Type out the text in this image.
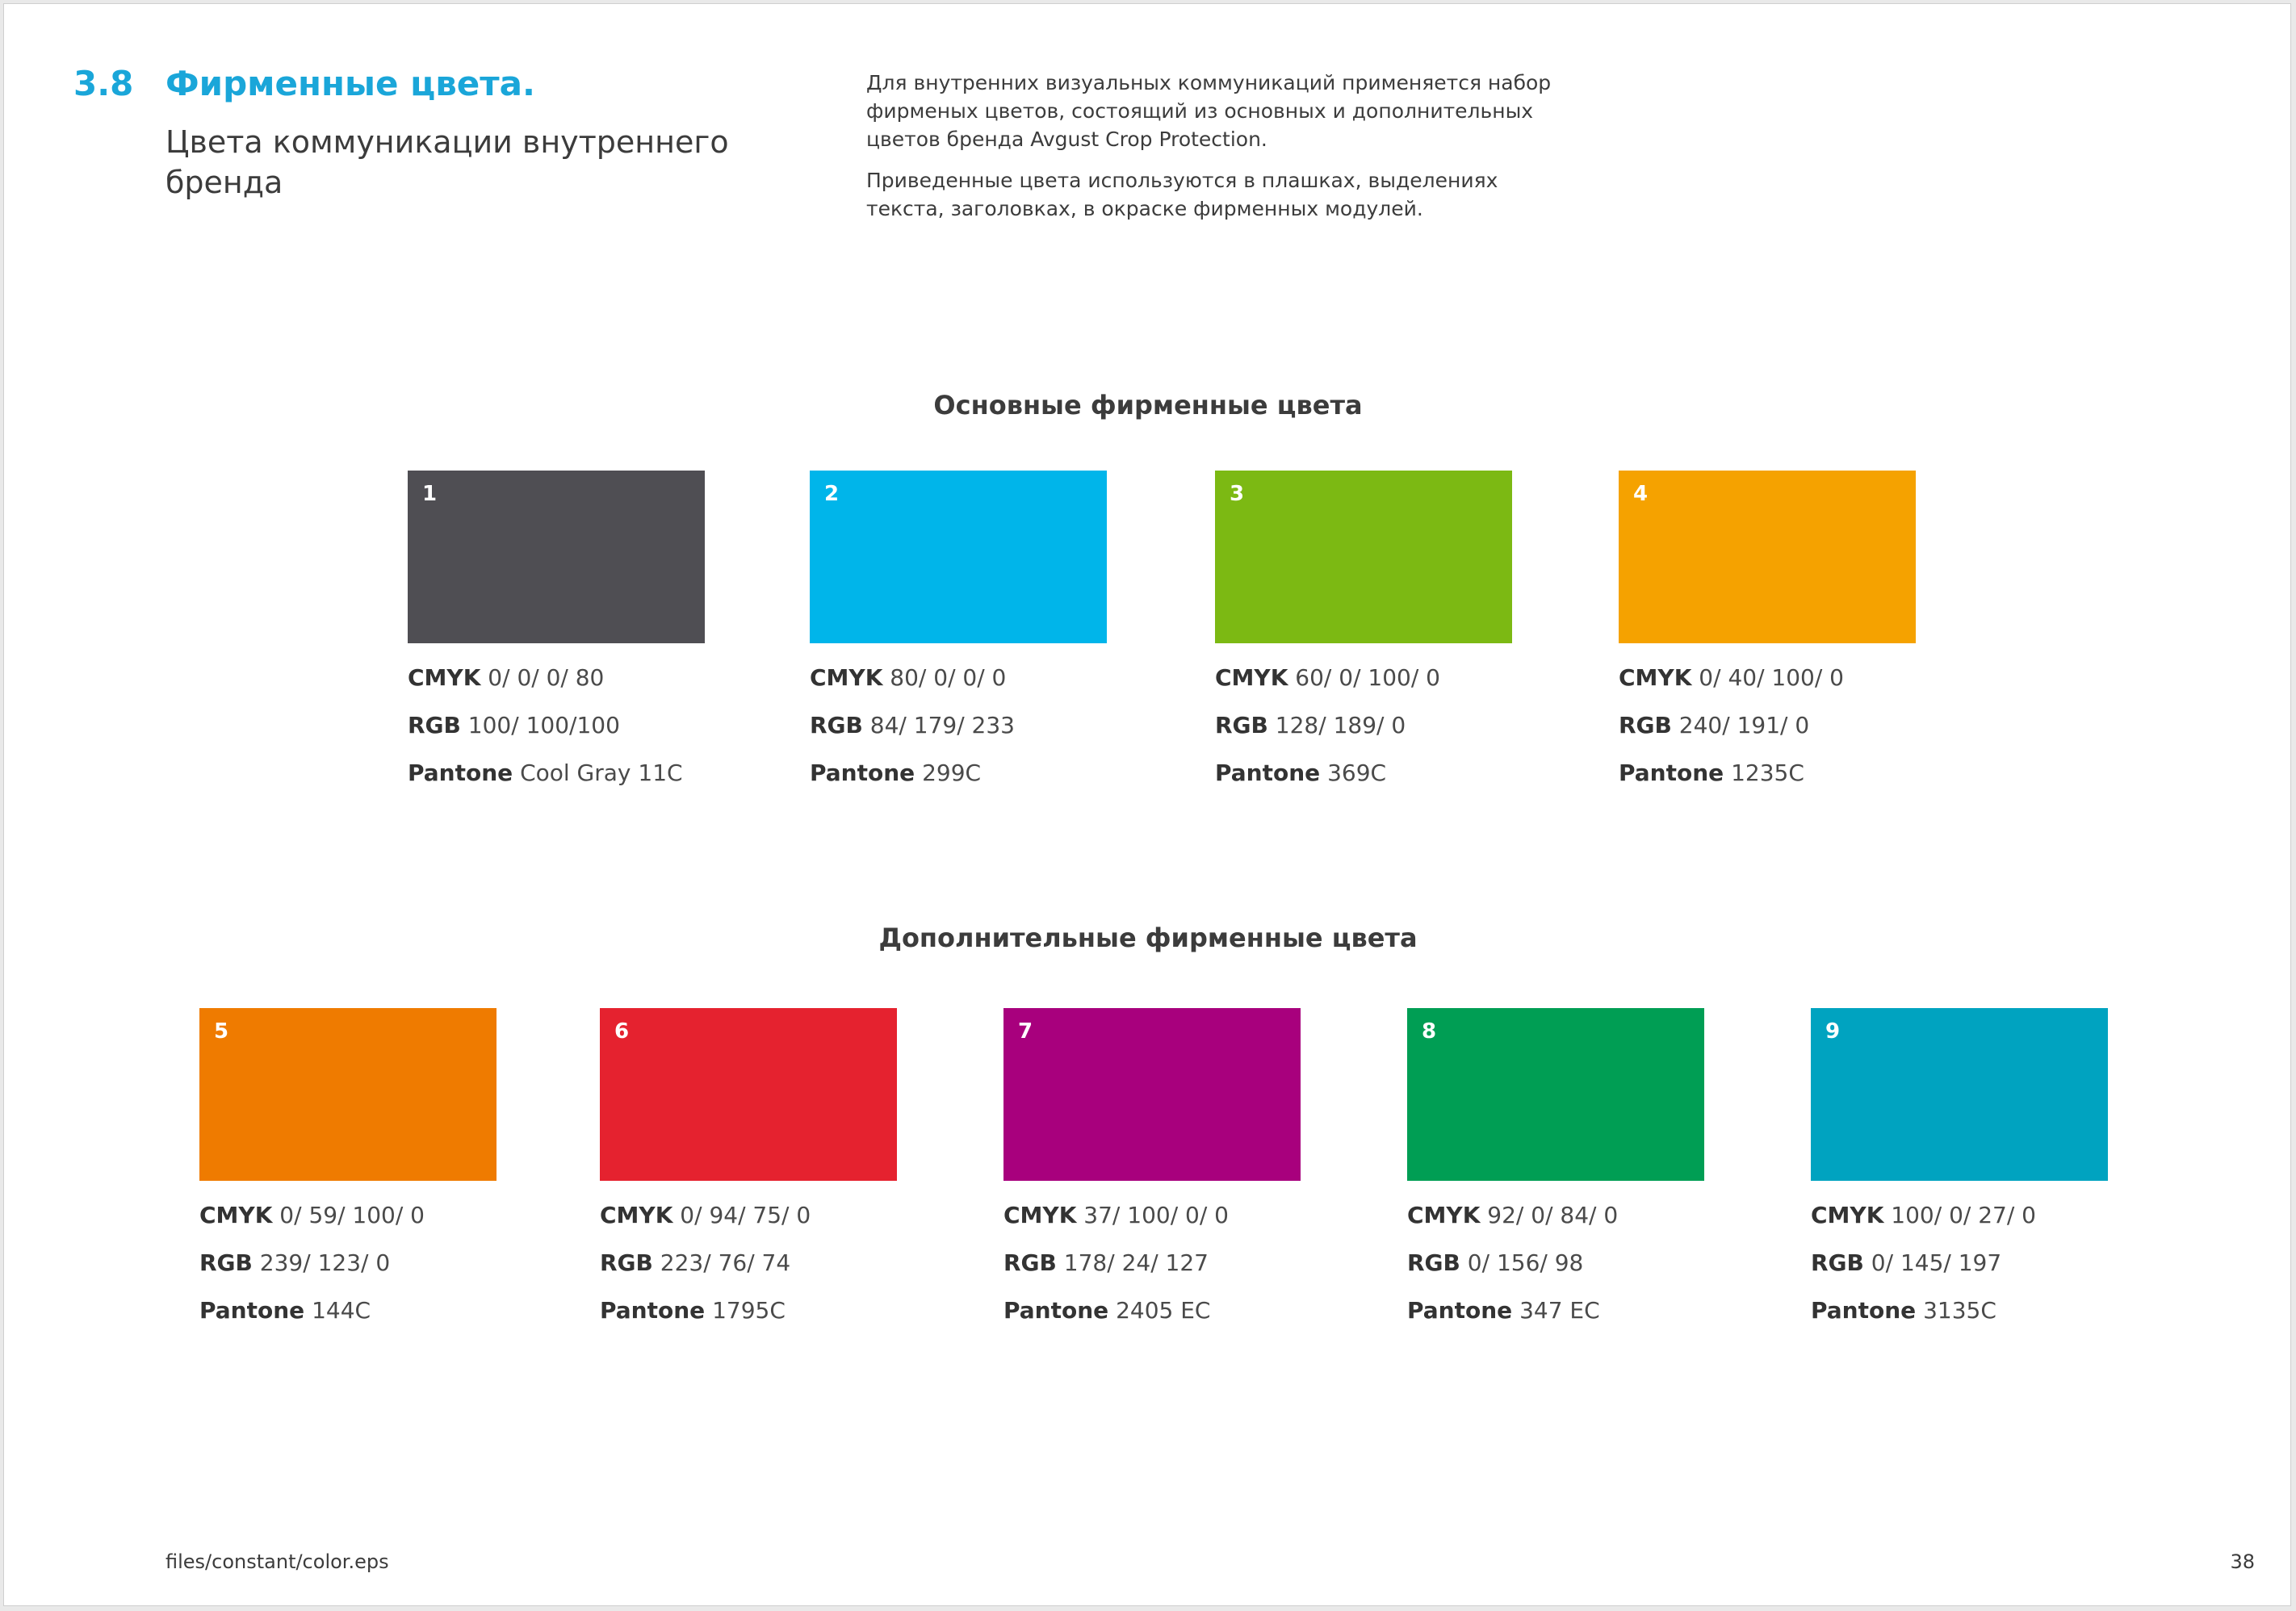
3.8 Фирменные цвета.
Цвета коммуникации внутреннего бренда

Для внутренних визуальных коммуникаций применяется набор фирменых цветов, состоящий из основных и дополнительных цветов бренда Avgust Crop Protection.

Приведенные цвета используются в плашках, выделениях текста, заголовках, в окраске фирменных модулей.

Основные фирменные цвета
1
CMYK 0/ 0/ 0/ 80
RGB 100/ 100/100
Pantone Cool Gray 11C
2
CMYK 80/ 0/ 0/ 0
RGB 84/ 179/ 233
Pantone 299C
3
CMYK 60/ 0/ 100/ 0
RGB 128/ 189/ 0
Pantone 369C
4
CMYK 0/ 40/ 100/ 0
RGB 240/ 191/ 0
Pantone 1235C
Дополнительные фирменные цвета
5
CMYK 0/ 59/ 100/ 0
RGB 239/ 123/ 0
Pantone 144C
6
CMYK 0/ 94/ 75/ 0
RGB 223/ 76/ 74
Pantone 1795C
7
CMYK 37/ 100/ 0/ 0
RGB 178/ 24/ 127
Pantone 2405 EC
8
CMYK 92/ 0/ 84/ 0
RGB 0/ 156/ 98
Pantone 347 EC
9
CMYK 100/ 0/ 27/ 0
RGB 0/ 145/ 197
Pantone 3135C
files/constant/color.eps	38
